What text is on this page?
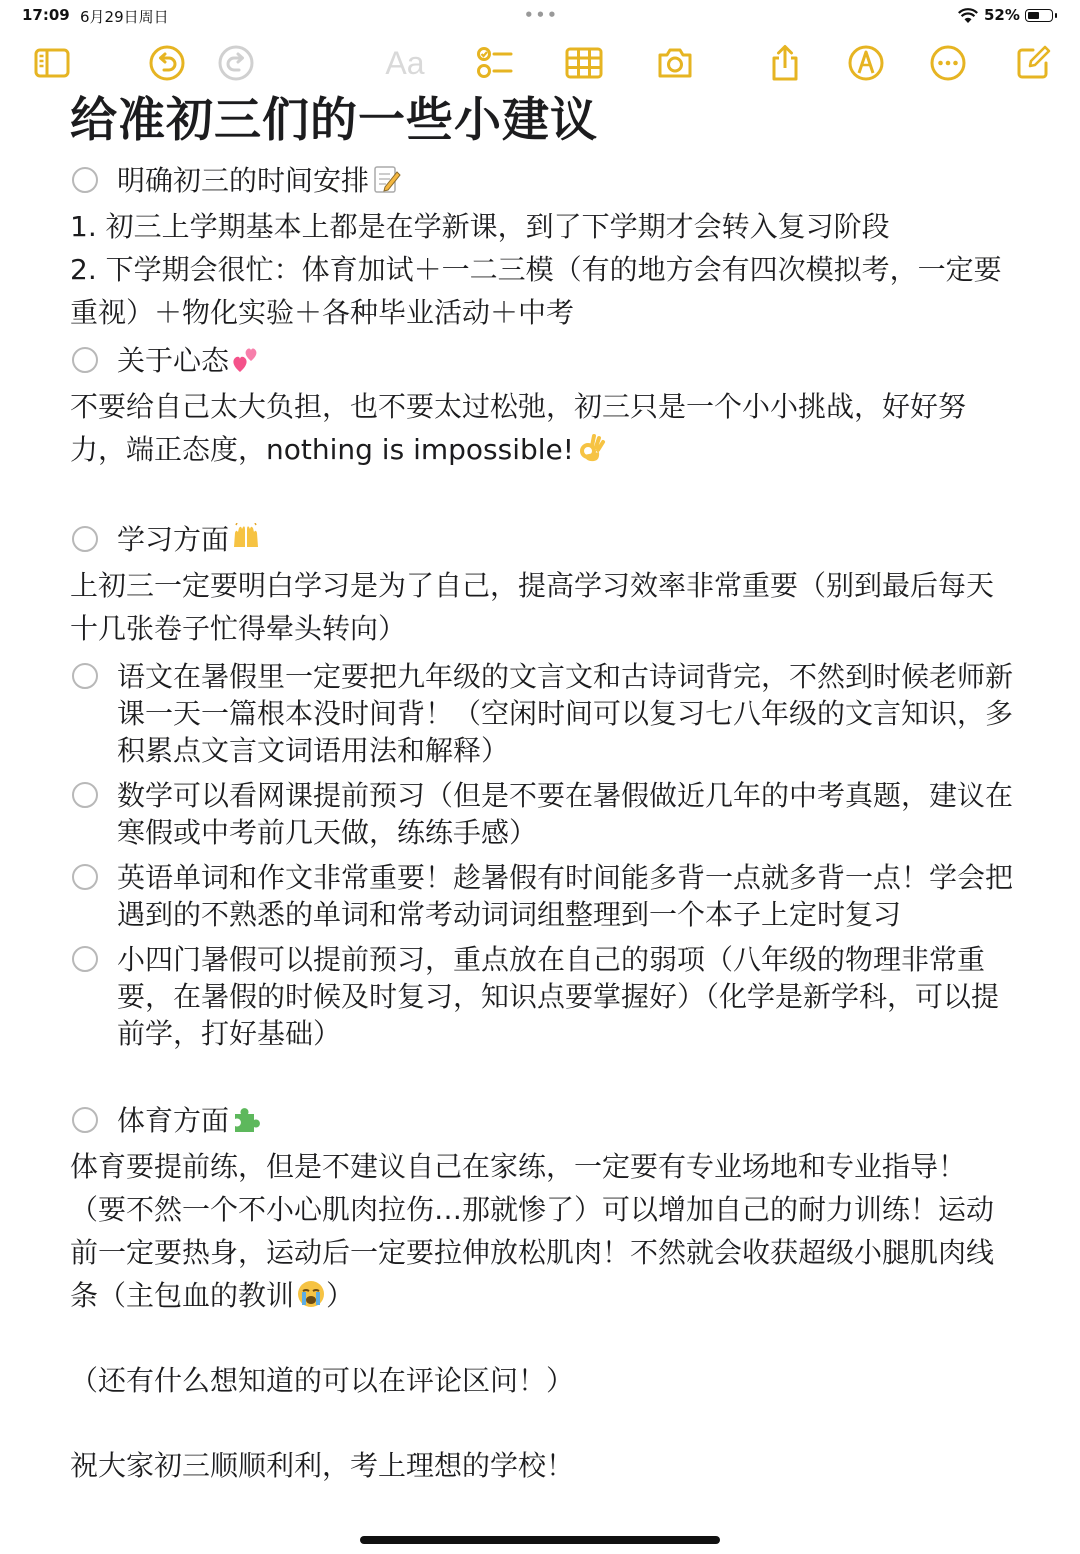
17:09 6月29日周日	•••	52%
Aa
给准初三们的一些小建议
明确初三的时间安排

1. 初三上学期基本上都是在学新课，到了下学期才会转入复习阶段

2. 下学期会很忙：体育加试＋一二三模（有的地方会有四次模拟考，一定要重视）＋物化实验＋各种毕业活动＋中考

关于心态

不要给自己太大负担，也不要太过松弛，初三只是一个小小挑战，好好努力，端正态度，nothing is impossible!

学习方面

上初三一定要明白学习是为了自己，提高学习效率非常重要（别到最后每天十几张卷子忙得晕头转向）

语文在暑假里一定要把九年级的文言文和古诗词背完，不然到时候老师新课一天一篇根本没时间背！（空闲时间可以复习七八年级的文言知识，多积累点文言文词语用法和解释）
数学可以看网课提前预习（但是不要在暑假做近几年的中考真题，建议在寒假或中考前几天做，练练手感）
英语单词和作文非常重要！趁暑假有时间能多背一点就多背一点！学会把遇到的不熟悉的单词和常考动词词组整理到一个本子上定时复习
小四门暑假可以提前预习，重点放在自己的弱项（八年级的物理非常重要，在暑假的时候及时复习，知识点要掌握好）（化学是新学科，可以提前学，打好基础）
体育方面

体育要提前练，但是不建议自己在家练，一定要有专业场地和专业指导！（要不然一个不小心肌肉拉伤…那就惨了）可以增加自己的耐力训练！运动前一定要热身，运动后一定要拉伸放松肌肉！不然就会收获超级小腿肌肉线条（主包血的教训 ）

（还有什么想知道的可以在评论区问！）

祝大家初三顺顺利利，考上理想的学校！
